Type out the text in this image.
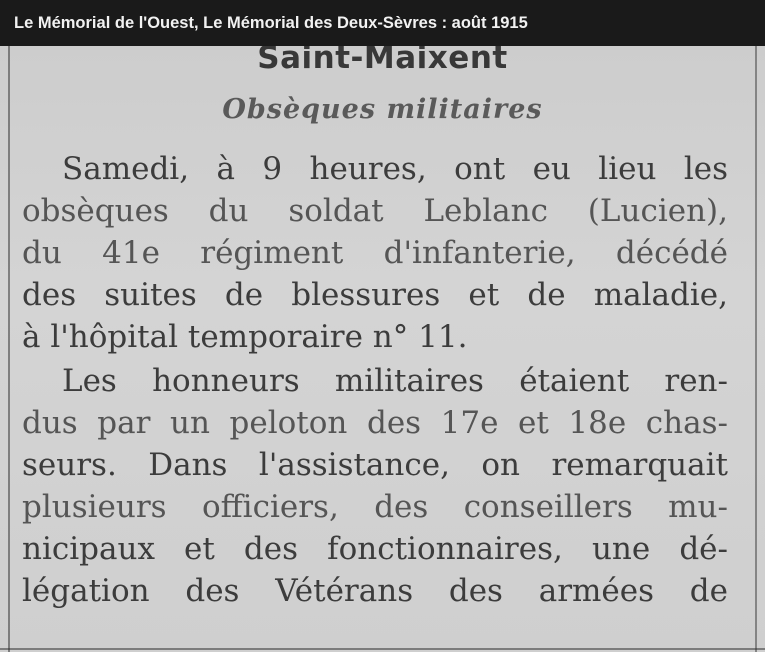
Le Mémorial de l'Ouest, Le Mémorial des Deux-Sèvres : août 1915
Saint-Maixent
Obsèques militaires
Samedi, à 9 heures, ont eu lieu les
obsèques du soldat Leblanc (Lucien),
du 41e régiment d'infanterie, décédé
des suites de blessures et de maladie,
à l'hôpital temporaire n° 11.
Les honneurs militaires étaient ren-
dus par un peloton des 17e et 18e chas-
seurs. Dans l'assistance, on remarquait
plusieurs officiers, des conseillers mu-
nicipaux et des fonctionnaires, une dé-
légation des Vétérans des armées de
